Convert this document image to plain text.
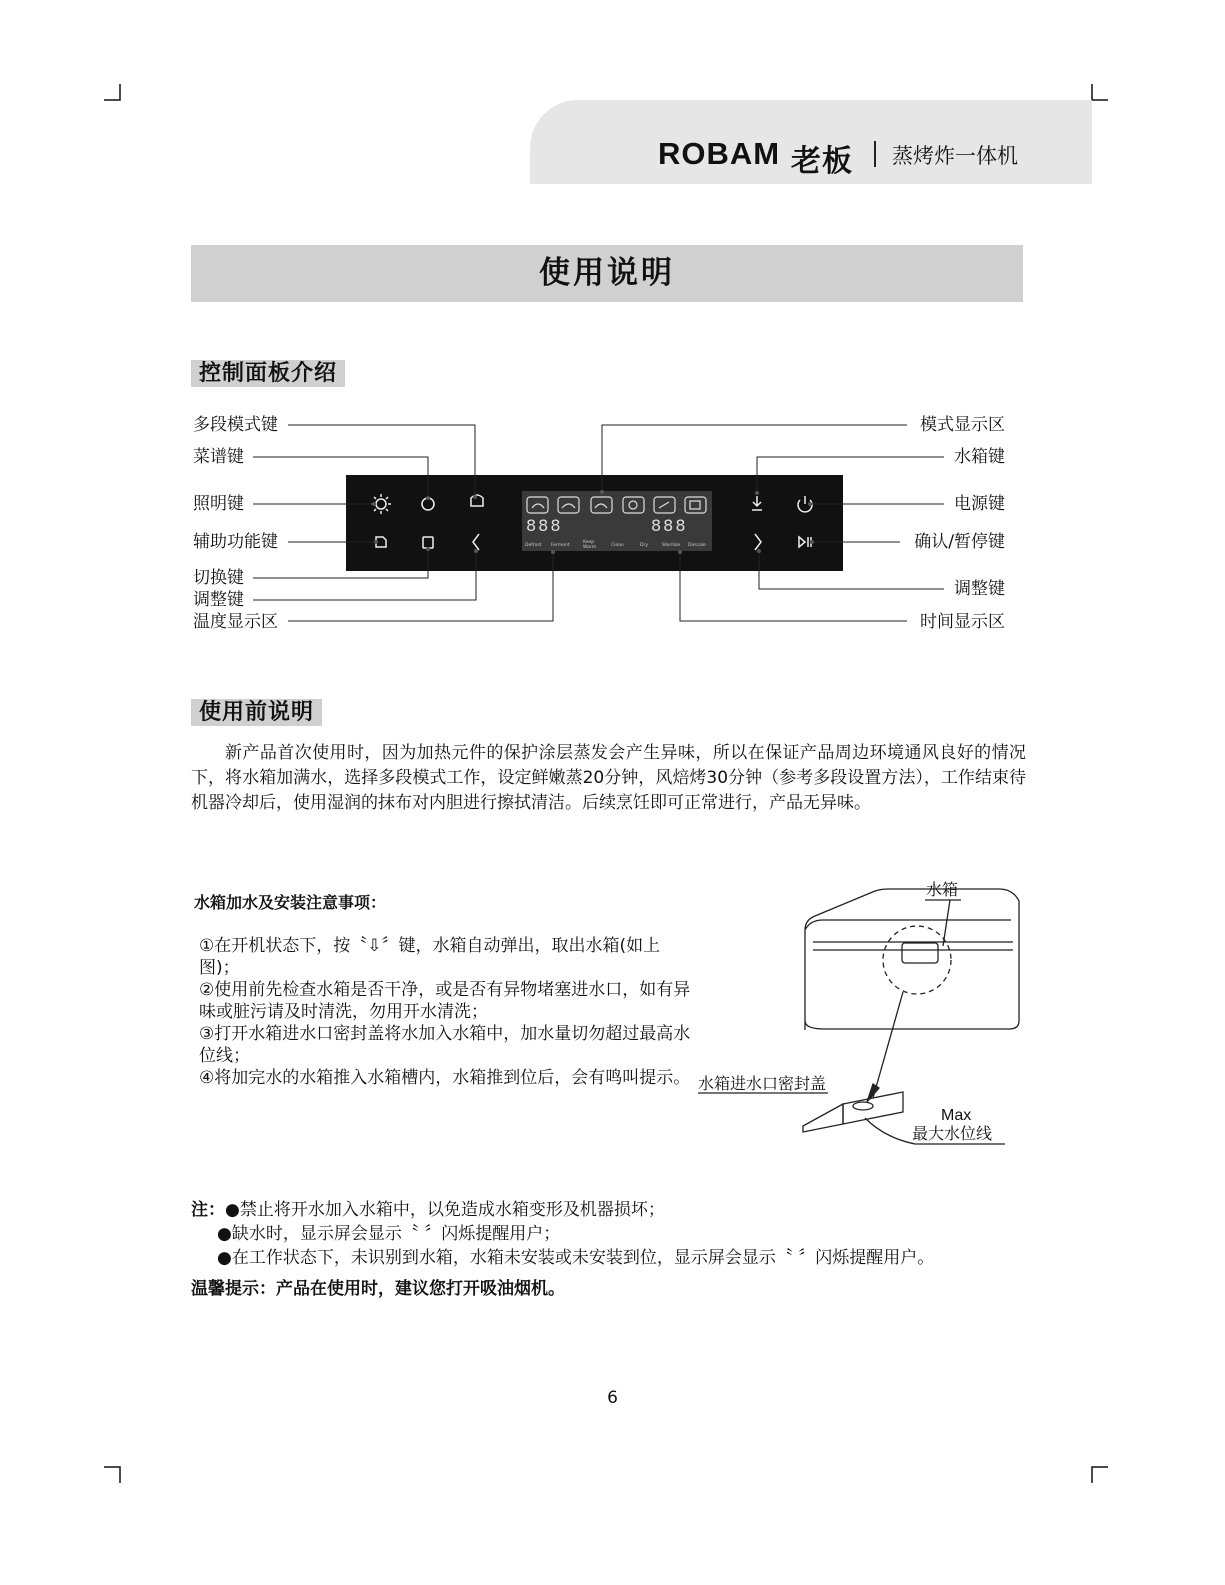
ROBAM 老板 蒸烤炸一体机
使用说明
控制面板介绍
888	888
Defrost Ferment
Keep
Warm	Clean	Dry	Sterilize Descale
多段模式键
菜谱键
照明键
辅助功能键
切换键
调整键
温度显示区
模式显示区
水箱键
电源键
确认/暂停键
调整键
时间显示区
使用前说明
新产品首次使用时，因为加热元件的保护涂层蒸发会产生异味，所以在保证产品周边环境通风良好的情况下，将水箱加满水，选择多段模式工作，设定鲜嫩蒸20分钟，风焙烤30分钟（参考多段设置方法），工作结束待机器冷却后，使用湿润的抹布对内胆进行擦拭清洁。后续烹饪即可正常进行，产品无异味。
水箱加水及安装注意事项：
①在开机状态下，按〝⇩〞键，水箱自动弹出，取出水箱(如上图)；
②使用前先检查水箱是否干净，或是否有异物堵塞进水口，如有异味或脏污请及时清洗，勿用开水清洗；
③打开水箱进水口密封盖将水加入水箱中，加水量切勿超过最高水位线；
④将加完水的水箱推入水箱槽内，水箱推到位后，会有鸣叫提示。
水箱
水箱进水口密封盖
Max
最大水位线
注：●禁止将开水加入水箱中，以免造成水箱变形及机器损坏；
●缺水时，显示屏会显示〝 〞闪烁提醒用户；
●在工作状态下，未识别到水箱，水箱未安装或未安装到位，显示屏会显示〝 〞闪烁提醒用户。
温馨提示：产品在使用时，建议您打开吸油烟机。
6
